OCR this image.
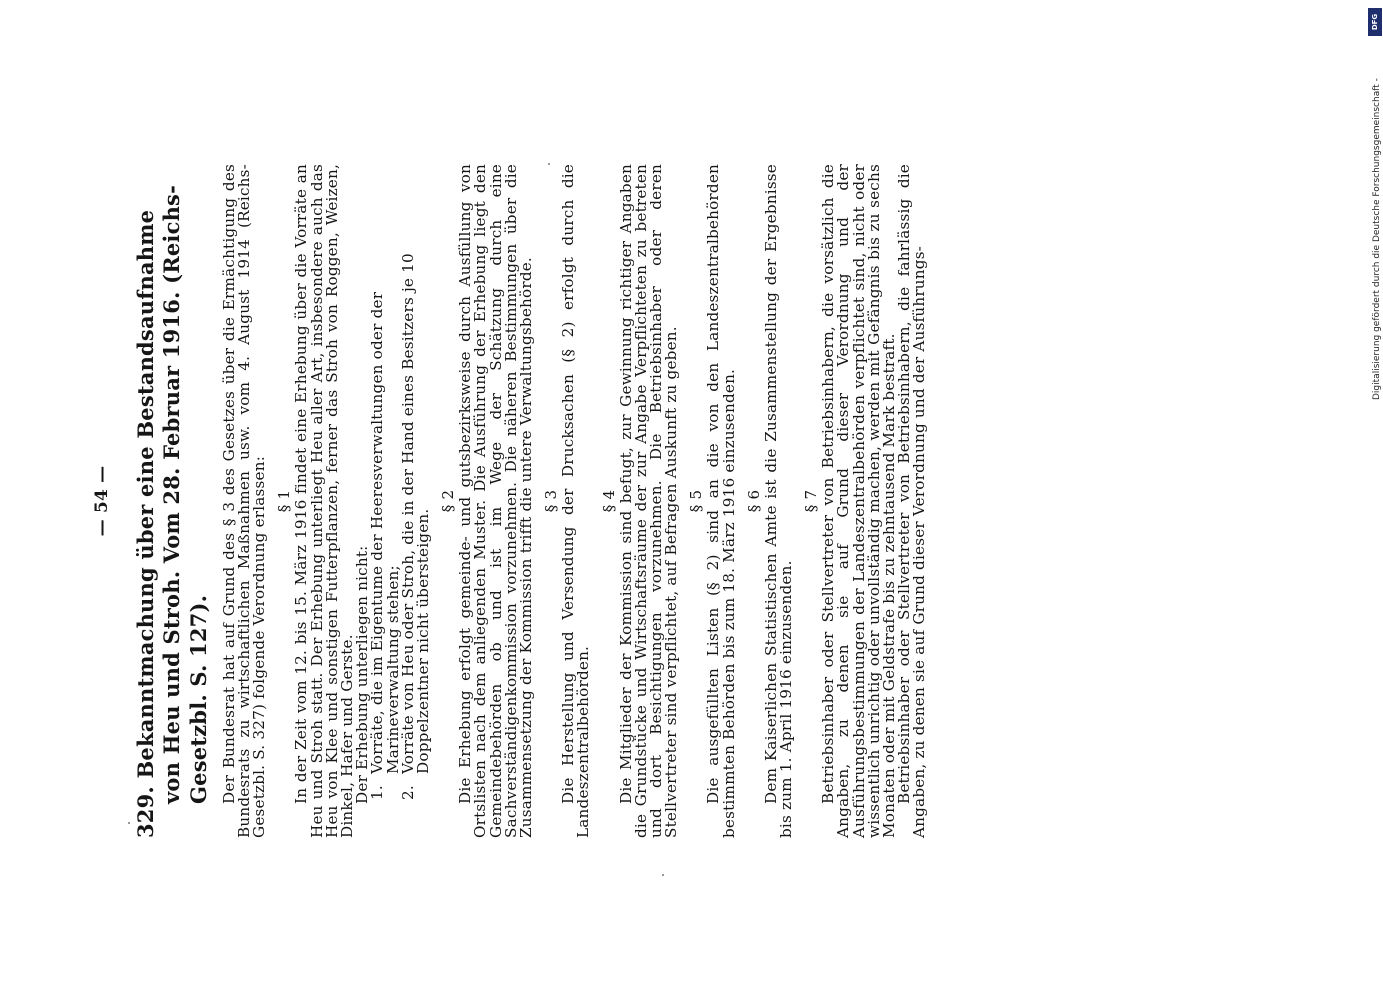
— 54 — 329. Bekanntmachung über eine Bestandsaufnahme von Heu und Stroh. Vom 28. Februar 1916. (Reichs-Gesetzbl. S. 127). Der Bundesrat hat auf Grund des § 3 des Gesetzes über die Ermächtigung des Bundesrats zu wirtschaftlichen Maßnahmen usw. vom 4. August 1914 (Reichs-Gesetzbl. S. 327) folgende Verordnung erlassen: § 1 In der Zeit vom 12. bis 15. März 1916 findet eine Erhebung über die Vorräte an Heu und Stroh statt. Der Erhebung unterliegt Heu aller Art, insbesondere auch das Heu von Klee und sonstigen Futterpflanzen, ferner das Stroh von Roggen, Weizen, Dinkel, Hafer und Gerste.

Der Erhebung unterliegen nicht:

1.
Vorräte, die im Eigentume der Heeresverwaltungen oder der Marineverwaltung stehen;
2.
Vorräte von Heu oder Stroh, die in der Hand eines Besitzers je 10 Doppelzentner nicht übersteigen.
§ 2 Die Erhebung erfolgt gemeinde- und gutsbezirksweise durch Ausfüllung von Ortslisten nach dem anliegenden Muster. Die Ausführung der Erhebung liegt den Gemeindebehörden ob und ist im Wege der Schätzung durch eine Sachverständigenkommission vorzunehmen. Die näheren Bestimmungen über die Zusammensetzung der Kommission trifft die untere Verwaltungsbehörde. § 3 Die Herstellung und Versendung der Drucksachen (§ 2) erfolgt durch die Landeszentralbehörden.

§ 4 Die Mitglieder der Kommission sind befugt, zur Gewinnung richtiger Angaben die Grundstücke und Wirtschaftsräume der zur Angabe Verpflichteten zu betreten und dort Besichtigungen vorzunehmen. Die Betriebsinhaber oder deren Stellvertreter sind verpflichtet, auf Befragen Auskunft zu geben. § 5 Die ausgefüllten Listen (§ 2) sind an die von den Landeszentralbehörden bestimmten Behörden bis zum 18. März 1916 einzusenden. § 6 Dem Kaiserlichen Statistischen Amte ist die Zusammenstellung der Ergebnisse bis zum 1. April 1916 einzusenden.

§ 7 Betriebsinhaber oder Stellvertreter von Betriebsinhabern, die vorsätzlich die Angaben, zu denen sie auf Grund dieser Verordnung und der Ausführungsbestimmungen der Landeszentralbehörden verpflichtet sind, nicht oder wissentlich unrichtig oder unvollständig machen, werden mit Gefängnis bis zu sechs Monaten oder mit Geldstrafe bis zu zehntausend Mark bestraft.

Betriebsinhaber oder Stellvertreter von Betriebsinhabern, die fahrlässig die Angaben, zu denen sie auf Grund dieser Verordnung und der Ausführungs-

Digitalisierung gefördert durch die Deutsche Forschungsgemeinschaft -
DFG
